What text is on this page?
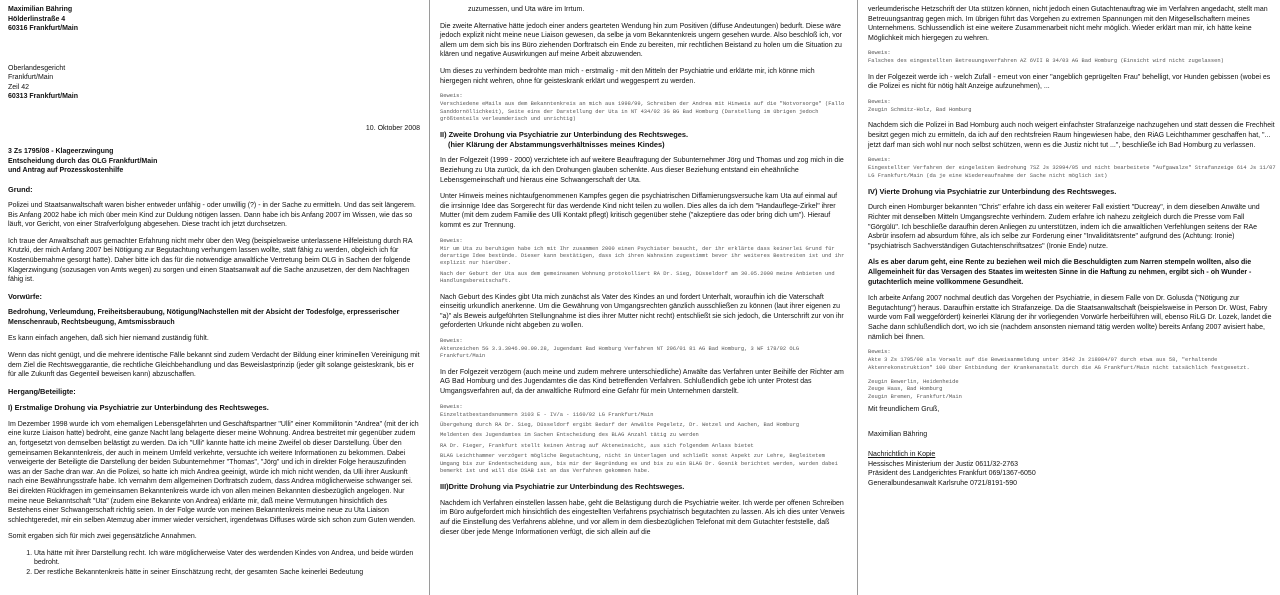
Maximilian Bähring
Hölderlinstraße 4
60316 Frankfurt/Main
Oberlandesgericht
Frankfurt/Main
Zeil 42
60313 Frankfurt/Main
10. Oktober 2008
3 Zs 1795/08 - Klageerzwingung
Entscheidung durch das OLG Frankfurt/Main
und Antrag auf Prozesskostenhilfe

Grund:

Polizei und Staatsanwaltschaft waren bisher entweder unfähig - oder unwillig (?) - in der Sache zu ermitteln. Und das seit längerem. Bis Anfang 2002 habe ich mich über mein Kind zur Duldung nötigen lassen. Dann habe ich bis Anfang 2007 im Wissen, wie das so läuft, vor Gericht, von einer Strafverfolgung abgesehen. Diese tracht ich jetzt durchsetzen.

Ich traue der Anwaltschaft aus gemachter Erfahrung nicht mehr über den Weg (beispielsweise unterlassene Hilfeleistung durch RA Krutzki, der mich Anfang 2007 bei Nötigung zur Begutachtung verhungern lassen wollte, statt fähig zu werden, obgleich ich für Kostenübernahme gesorgt hatte). Daher bitte ich das für die notwendige anwaltliche Vertretung beim OLG in Sachen der folgende Klagerzwingung (sozusagen von Amts wegen) zu sorgen und einen Staatsanwalt auf die Sache anzusetzen, der dem Nachfragen fähig ist.

Vorwürfe:

Bedrohung, Verleumdung, Freiheitsberaubung, Nötigung/Nachstellen mit der Absicht der Todesfolge, erpresserischer Menschenraub, Rechtsbeugung, Amtsmissbrauch

Es kann einfach angehen, daß sich hier niemand zuständig fühlt.

Wenn das nicht genügt, und die mehrere identische Fälle bekannt sind zudem Verdacht der Bildung einer kriminellen Vereinigung mit dem Ziel die Rechtsweggarantie, die rechtliche Gleichbehandlung und das Beweislastprinzip (jeder gilt solange geisteskrank, bis er für alle Zukunft das Gegenteil beweisen kann) abzuschaffen.

Hergang/Beteiligte:

I) Erstmalige Drohung via Psychiatrie zur Unterbindung des Rechtsweges.

Im Dezember 1998 wurde ich vom ehemaligen Lebensgefährten und Geschäftspartner "Ulli" einer Kommilitonin "Andrea" (mit der ich eine kurze Liaison hatte) bedroht, eine ganze Nacht lang belagerte dieser meine Wohnung. Andrea bestreitet mir gegenüber zudem an, fortgesetzt von demselben belästigt zu werden. Da ich "Ulli" kannte hatte ich meine Zweifel ob dieser Darstellung. Über den gemeinsamen Bekanntenkreis, der auch in meinem Umfeld verkehrte, versuchte ich weitere Informationen zu bekommen. Dabei verweigerte der Beteiligte die Darstellung der beiden Subunternehmer "Thomas", "Jörg" und ich in direkter Folge herauszufinden was an der Sache dran war. An die Polizei, so hatte ich mich Andrea geeinigt, würde ich mich nicht wenden, da Ulli ihrer Auskunft nach eine Bewährungsstrafe habe. Ich vernahm dem allgemeinen Dorftratsch zudem, dass Andrea möglicherweise schwanger sei. Bei direkten Rückfragen im gemeinsamen Bekanntenkreis wurde ich von allen meinen Bekannten diesbezüglich angelogen. Nur meine neue Bekanntschaft "Uta" (zudem eine Bekannte von Andrea) erklärte mir, daß meine Vermutungen hinsichtlich des Bestehens einer Schwangerschaft richtig seien. In der Folge wurde von meinen Bekanntenkreis meine neue zu Uta Liaison schlechtgeredet, mir ein selben Atemzug aber immer wieder versichert, irgendetwas Diffuses würde sich schon zum Guten wenden.

Somit ergaben sich für mich zwei gegensätzliche Annahmen.

1. Uta hätte mit ihrer Darstellung recht. Ich wäre möglicherweise Vater des werdenden Kindes von Andrea, und beide würden bedroht.
2. Der restliche Bekanntenkreis hätte in seiner Einschätzung recht, der gesamten Sache keinerlei Bedeutung

zuzumessen, und Uta wäre im Irrtum.

Die zweite Alternative hätte jedoch einer anders gearteten Wendung hin zum Positiven (diffuse Andeutungen) bedurft. Diese wäre jedoch explizit nicht meine neue Liaison gewesen, da selbe ja vom Bekanntenkreis ungern gesehen wurde. Also beschloß ich, vor allem um dem sich bis ins Büro ziehenden Dorftratsch ein Ende zu bereiten, mir rechtlichen Beistand zu holen um die Situation zu klären und negative Auswirkungen auf meine Arbeit abzuwenden.

Um dieses zu verhindern bedrohte man mich - erstmalig - mit den Mitteln der Psychiatrie und erklärte mir, ich könne mich hiergegen nicht wehren, ohne für geisteskrank erklärt und weggesperrt zu werden.

Beweis:

Verschiedene eMails aus dem Bekanntenkreis an mich aus 1998/99, Schreiben der Andrea mit Hinweis auf die "Notvorsorge" (Fallo Sanddornöllichkeit), Seite eins der Darstellung der Uta in NT 434/02 3G BG Bad Homburg (Darstellung im übrigen jedoch größtenteils verleumderisch und unrichtig)

II) Zweite Drohung via Psychiatrie zur Unterbindung des Rechtsweges.

(hier Klärung der Abstammungsverhältnisses meines Kindes)

In der Folgezeit (1999 - 2000) verzichtete ich auf weitere Beauftragung der Subunternehmer Jörg und Thomas und zog mich in die Beziehung zu Uta zurück, da ich den Drohungen glauben schenkte. Aus dieser Beziehung entstand ein eheähnliche Lebensgemeinschaft und hieraus eine Schwangerschaft der Uta.

Unter Hinweis meines nichtaufgenommenen Kampfes gegen die psychiatrischen Diffamierungsversuche kam Uta auf einmal auf die irrsinnige Idee das Sorgerecht für das werdende Kind nicht teilen zu wollen. Dies alles da ich dem "Handauflege-Zirkel" ihrer Mutter (mit dem zudem Familie des Ulli Kontakt pflegt) kritisch gegenüber stehe ("akzeptiere das oder bring dich um"). Hierauf kommt es zur Trennung.

Beweis:

Mir um Uta zu beruhigen habe ich mit Ihr zusammen 2000 einen Psychiater besucht, der ihr erklärte dass keinerlei Grund für derartige Idee bestünde. Dieser kann bestätigen, dass ich ihren Wahnsinn zugestimmt bevor ihr weiteres Bestreiten ist und ihr explizit nur hierüber.

Nach der Geburt der Uta aus dem gemeinsamen Wohnung protokolliert RA Dr. Sieg, Düsseldorf am 30.05.2000 meine Anbieten und Handlungsbereitschaft.

Nach Geburt des Kindes gibt Uta mich zunächst als Vater des Kindes an und fordert Unterhalt, woraufhin ich die Vaterschaft einseitig urkundlich anerkenne. Um die Gewährung von Umgangsrechten gänzlich ausschließen zu können (laut ihrer eigenen zu "a)" als Beweis aufgeführten Stellungnahme ist dies ihrer Mutter nicht recht) entschließt sie sich jedoch, die Unterschrift zur von ihr geforderten Urkunde nicht abgeben zu wollen.

Beweis:

Aktenzeichen 5G 3.3.3046.90.00.28, Jugendamt Bad Homburg Verfahren NT 206/01 81 AG Bad Homburg, 3 WF 178/02 OLG Frankfurt/Main

In der Folgezeit verzögern (auch meine und zudem mehrere unterschiedliche) Anwälte das Verfahren unter Beihilfe der Richter am AG Bad Homburg und des Jugendamtes die das Kind betreffenden Verfahren. Schlußendlich gebe ich unter Protest das Umgangsverfahren auf, da der anwaltliche Rufmord eine Gefahr für mein Unternehmen darstellt.

Beweis:

Einzeltatbestandsnummern 3103 E - IV/a - 1160/02 LG Frankfurt/Main

Übergehung durch RA Dr. Sieg, Düsseldorf ergibt Bedarf der Anwälte Pegeletz, Dr. Wetzel und Aachen, Bad Homburg

Meldenten des Jugendamtes im Sachen Entscheidung des BLAG Anzahl tätig zu werden

RA Dr. Fieger, Frankfurt stellt keinen Antrag auf Akteneinsicht, aus sich folgendem Anlass bietet

BLAG Leichthammer verzögert mögliche Begutachtung, nicht in Unterlagen und schließt sonst Aspekt zur Lehre, Begleitetem Umgang bis zur Endentscheidung aus, bis mir der Begründung es und bis zu ein BLAG Dr. Gosnik berichtet werden, wurden dabei bemerkt ist und will die DSAB ist an das Verfahren gekommen habe.

III)Dritte Drohung via Psychiatrie zur Unterbindung des Rechtsweges.

Nachdem ich Verfahren einstellen lassen habe, geht die Belästigung durch die Psychiatrie weiter. Ich werde per offenen Schreiben im Büro aufgefordert mich hinsichtlich des eingestellten Verfahrens psychiatrisch begutachten zu lassen. Als ich dies unter Verweis auf die Einstellung des Verfahrens ablehne, und vor allem in dem diesbezüglichen Telefonat mit dem Gutachter feststelle, daß dieser über jede Menge Informationen verfügt, die sich allein auf die

verleumderische Hetzschrift der Uta stützen können, nicht jedoch einen Gutachtenauftrag wie im Verfahren angedacht, stellt man Betreuungsantrag gegen mich. Im übrigen führt das Vorgehen zu extremen Spannungen mit den Mitgesellschaftern meines Unternehmens. Schlussendlich ist eine weitere Zusammenarbeit nicht mehr möglich. Wieder erklärt man mir, ich hätte keine Möglichkeit mich hiergegen zu wehren.

Beweis:

Falsches des eingestellten Betreuungsverfahren AZ 6VII B 34/03 AG Bad Homburg (Einsicht wird nicht zugelassen)

In der Folgezeit werde ich - welch Zufall - erneut von einer "angeblich geprügelten Frau" behelligt, vor Hunden gebissen (wobei es die Polizei es nicht für nötig hält Anzeige aufzunehmen), ...

Beweis:

Zeugin Schmitz-Holz, Bad Homburg

Nachdem sich die Polizei in Bad Homburg auch noch weigert einfachster Strafanzeige nachzugehen und statt dessen die Frechheit besitzt gegen mich zu ermitteln, da ich auf den rechtsfreien Raum hingewiesen habe, den RiAG Leichthammer geschaffen hat, "... jetzt darf man sich wohl nur noch selbst schützen, wenn es die Justiz nicht tut ...", beschließe ich Bad Homburg zu verlassen.

Beweis:

Eingestellter Verfahren der eingeleiten Bedrohung 7SZ Js 32994/05 und nicht bearbeitete "Aufgawalze" Strafanzeige 614 Js 11/07 LG Frankfurt/Main (da je eine Wiedereaufnahme der Sache nicht möglich ist)

IV) Vierte Drohung via Psychiatrie zur Unterbindung des Rechtsweges.

Durch einen Homburger bekannten "Chris" erfahre ich dass ein weiterer Fall existiert "Ducreay", in dem dieselben Anwälte und Richter mit denselben Mitteln Umgangsrechte verhindern. Zudem erfahre ich nahezu zeitgleich durch die Presse vom Fall "Görgülü". Ich beschließe daraufhin deren Anliegen zu unterstützen, indem ich die anwaltlichen Verfehlungen seitens der RAe Asbrür insofern ad absurdum führe, als ich selbe zur Forderung einer "Invaliditätsrente" aufgrund des (Achtung: Ironie) "psychiatrisch Sachverständigen Gutachtenschriftsatzes" (Ironie Ende) nutze.

Als es aber darum geht, eine Rente zu beziehen weil mich die Beschuldigten zum Narren stempeln wollten, also die Allgemeinheit für das Versagen des Staates im weitesten Sinne in die Haftung zu nehmen, ergibt sich - oh Wunder - gutachterlich meine vollkommene Gesundheit.

Ich arbeite Anfang 2007 nochmal deutlich das Vorgehen der Psychiatrie, in diesem Falle von Dr. Golusda ("Nötigung zur Begutachtung") heraus. Daraufhin erstatte ich Strafanzeige. Da die Staatsanwaltschaft (beispielsweise in Person Dr. Wüst, Fabry wurde vom Fall weggefördert) keinerlei Klärung der ihr vorliegenden Vorwürfe herbeiführen will, ebenso RiLG Dr. Lozek, landet die Sache dann schlußendlich dort, wo ich sie (nachdem ansonsten niemand tätig werden wollte) bereits Anfang 2007 avisiert habe, nämlich bei Ihnen.

Beweis:

Akte 3 Zs 1795/08 als Vorwalt auf die Beweisanmeldung unter 3542 Js 218084/07 durch etwa aus 58, "erhaltende Aktenrekonstruktion" 100 über Entbindung der Krankenanstalt durch die AG Frankfurt/Main nicht tatsächlich festgesetzt.

Zeugin Bewerlin, Heidenheide
Zeuge Haas, Bad Homburg
Zeugin Bremen, Frankfurt/Main

Mit freundlichem Gruß,

Maximilian Bähring

Nachrichtlich in Kopie
Hessisches Ministerium der Justiz 0611/32-2763
Präsident des Landgerichtes Frankfurt 069/1367-6050
Generalbundesanwalt Karlsruhe 0721/8191-590
